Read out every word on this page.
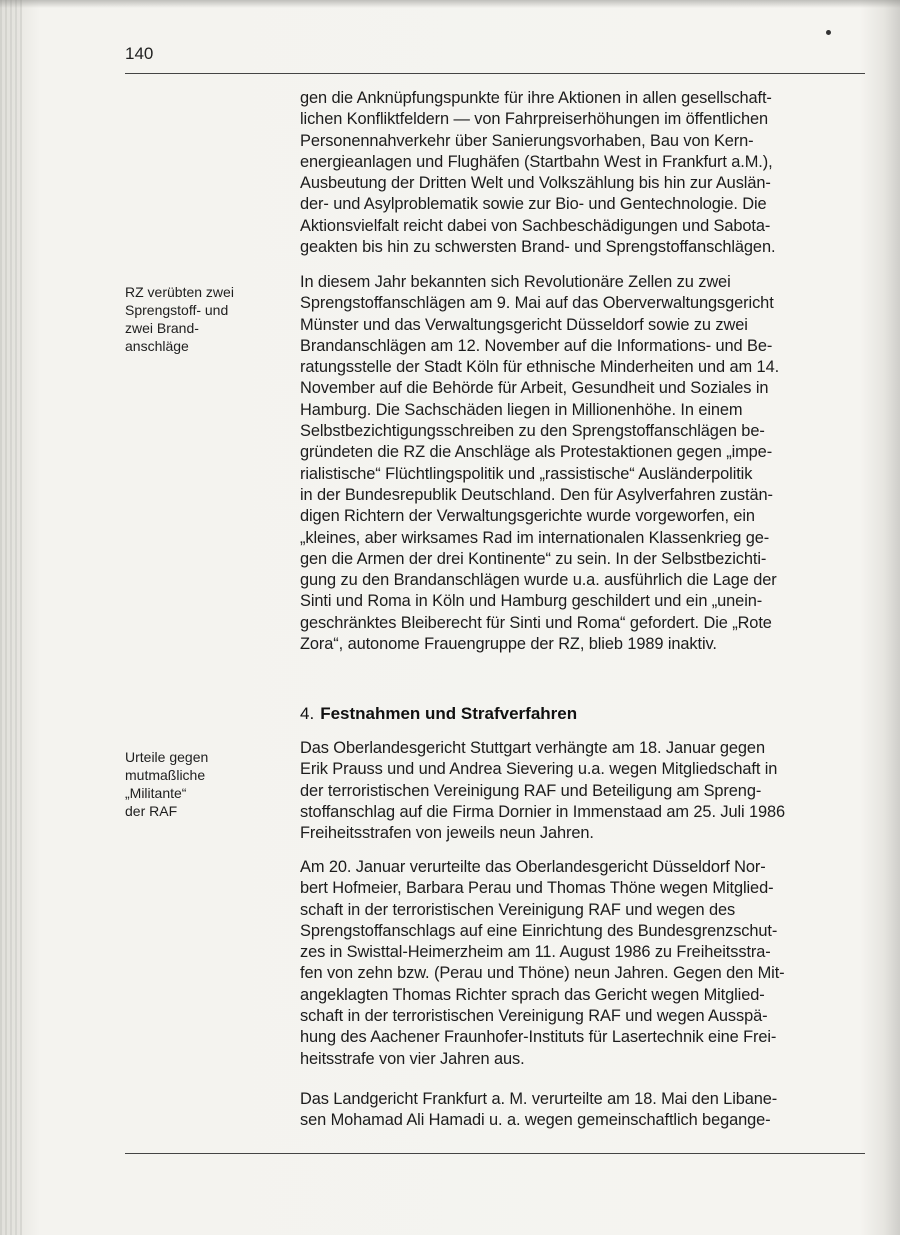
140
RZ verübten zwei
Sprengstoff- und
zwei Brand-
anschläge
Urteile gegen
mutmaßliche
„Militante“
der RAF
gen die Anknüpfungspunkte für ihre Aktionen in allen gesellschaft-
lichen Konfliktfeldern — von Fahrpreiserhöhungen im öffentlichen
Personennahverkehr über Sanierungsvorhaben, Bau von Kern-
energieanlagen und Flughäfen (Startbahn West in Frankfurt a.M.),
Ausbeutung der Dritten Welt und Volkszählung bis hin zur Auslän-
der- und Asylproblematik sowie zur Bio- und Gentechnologie. Die
Aktionsvielfalt reicht dabei von Sachbeschädigungen und Sabota-
geakten bis hin zu schwersten Brand- und Sprengstoffanschlägen.
In diesem Jahr bekannten sich Revolutionäre Zellen zu zwei
Sprengstoffanschlägen am 9. Mai auf das Oberverwaltungsgericht
Münster und das Verwaltungsgericht Düsseldorf sowie zu zwei
Brandanschlägen am 12. November auf die Informations- und Be-
ratungsstelle der Stadt Köln für ethnische Minderheiten und am 14.
November auf die Behörde für Arbeit, Gesundheit und Soziales in
Hamburg. Die Sachschäden liegen in Millionenhöhe. In einem
Selbstbezichtigungsschreiben zu den Sprengstoffanschlägen be-
gründeten die RZ die Anschläge als Protestaktionen gegen „impe-
rialistische“ Flüchtlingspolitik und „rassistische“ Ausländerpolitik
in der Bundesrepublik Deutschland. Den für Asylverfahren zustän-
digen Richtern der Verwaltungsgerichte wurde vorgeworfen, ein
„kleines, aber wirksames Rad im internationalen Klassenkrieg ge-
gen die Armen der drei Kontinente“ zu sein. In der Selbstbezichti-
gung zu den Brandanschlägen wurde u.a. ausführlich die Lage der
Sinti und Roma in Köln und Hamburg geschildert und ein „unein-
geschränktes Bleiberecht für Sinti und Roma“ gefordert. Die „Rote
Zora“, autonome Frauengruppe der RZ, blieb 1989 inaktiv.
4. Festnahmen und Strafverfahren
Das Oberlandesgericht Stuttgart verhängte am 18. Januar gegen
Erik Prauss und und Andrea Sievering u.a. wegen Mitgliedschaft in
der terroristischen Vereinigung RAF und Beteiligung am Spreng-
stoffanschlag auf die Firma Dornier in Immenstaad am 25. Juli 1986
Freiheitsstrafen von jeweils neun Jahren.
Am 20. Januar verurteilte das Oberlandesgericht Düsseldorf Nor-
bert Hofmeier, Barbara Perau und Thomas Thöne wegen Mitglied-
schaft in der terroristischen Vereinigung RAF und wegen des
Sprengstoffanschlags auf eine Einrichtung des Bundesgrenzschut-
zes in Swisttal-Heimerzheim am 11. August 1986 zu Freiheitsstra-
fen von zehn bzw. (Perau und Thöne) neun Jahren. Gegen den Mit-
angeklagten Thomas Richter sprach das Gericht wegen Mitglied-
schaft in der terroristischen Vereinigung RAF und wegen Ausspä-
hung des Aachener Fraunhofer-Instituts für Lasertechnik eine Frei-
heitsstrafe von vier Jahren aus.
Das Landgericht Frankfurt a. M. verurteilte am 18. Mai den Libane-
sen Mohamad Ali Hamadi u. a. wegen gemeinschaftlich begange-
